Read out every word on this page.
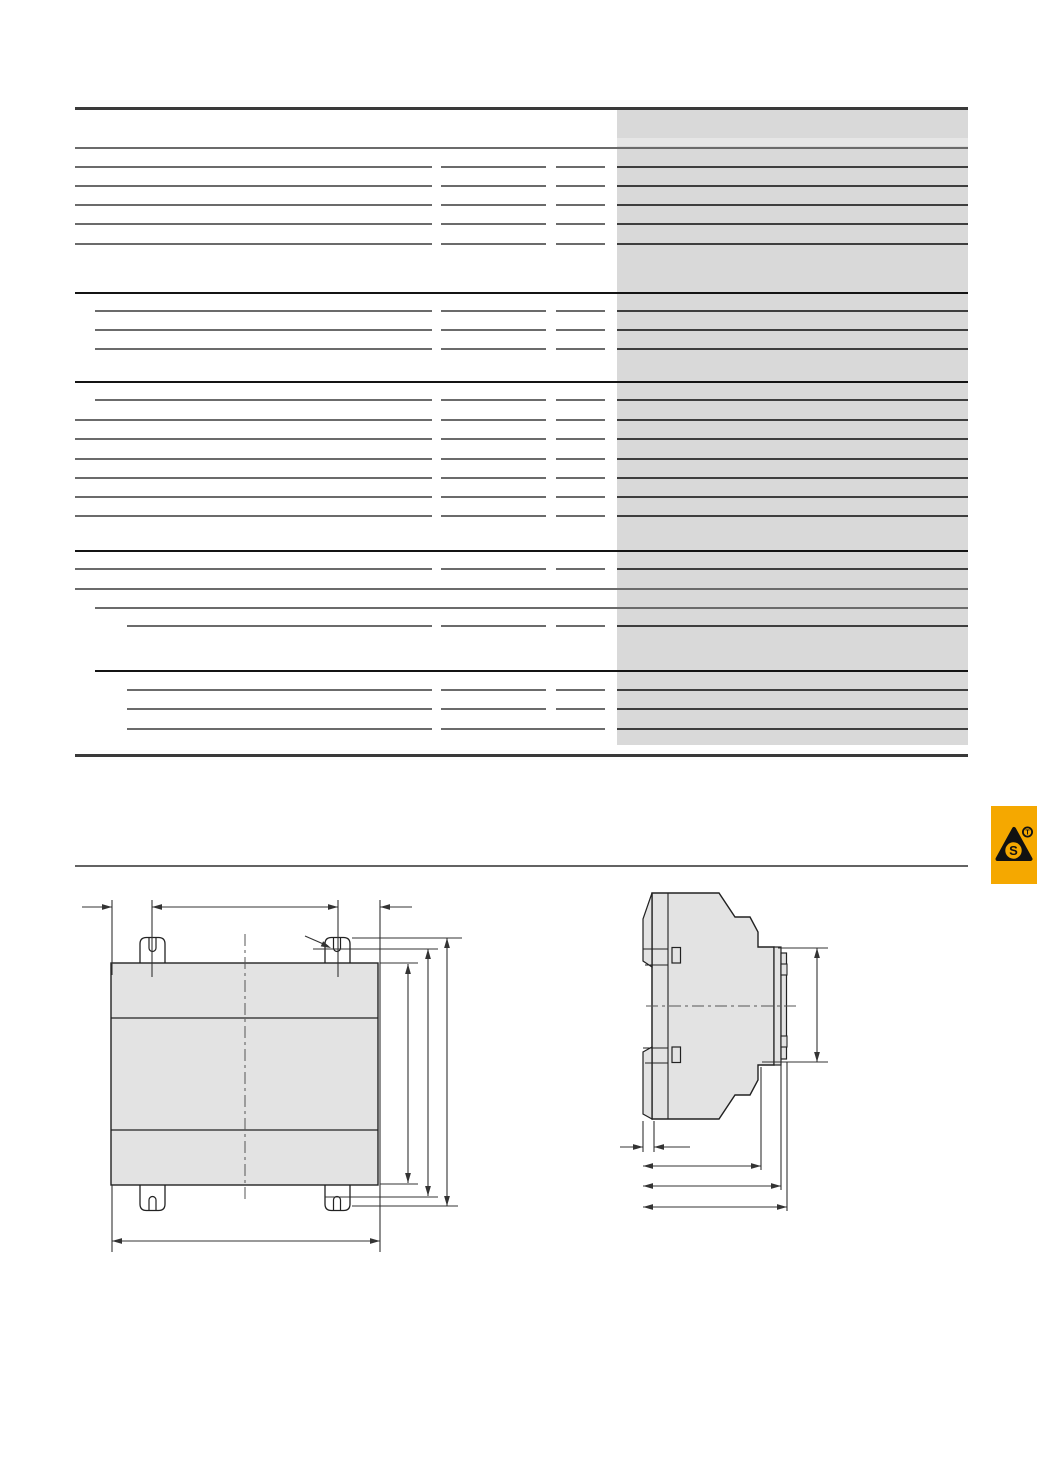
S
T
